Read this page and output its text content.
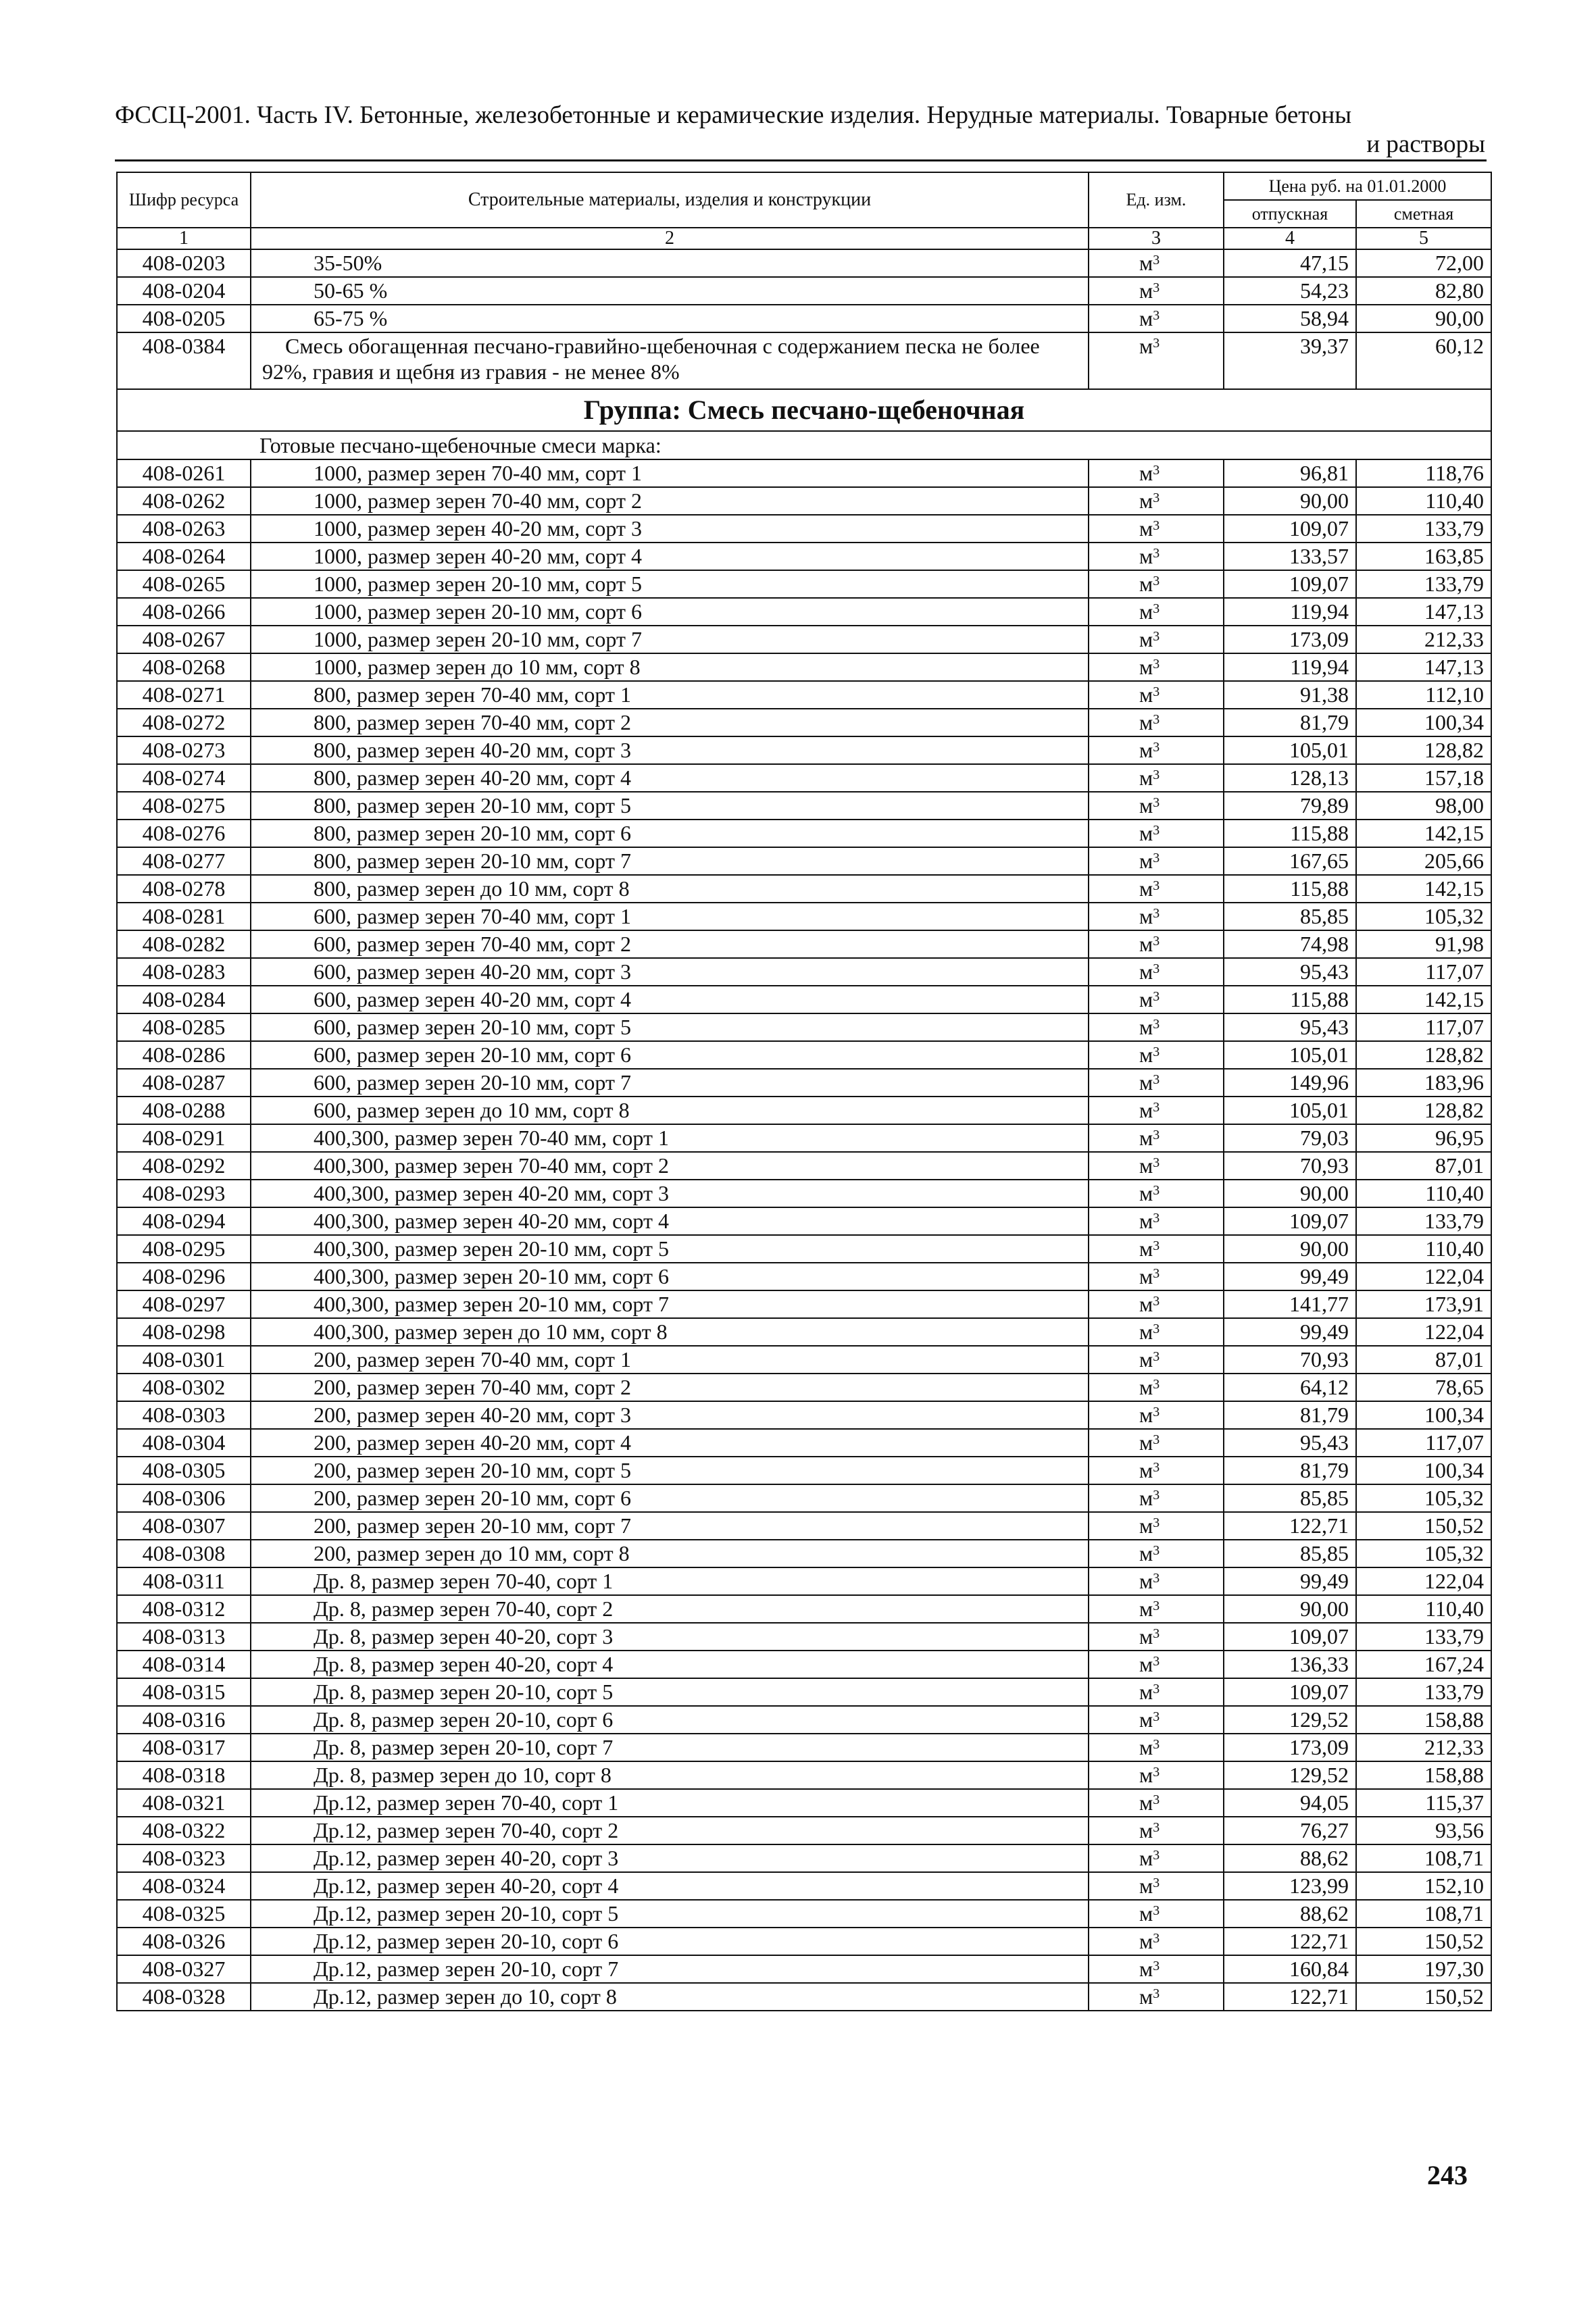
ФССЦ-2001. Часть IV. Бетонные, железобетонные и керамические изделия. Нерудные материалы. Товарные бетоны
и растворы
Шифр ресурса	Строительные материалы, изделия и конструкции	Ед. изм.	Цена руб. на 01.01.2000	
			отпускная	сметная
1	2	3	4	5
408-0203	35-50%	$м^3$	47,15	72,00
408-0204	50-65 %	$м^3$	54,23	82,80
408-0205	65-75 %	$м^3$	58,94	90,00
408-0384	Смесь обогащенная песчано-гравийно-щебеночная с содержанием песка не более 92%, гравия и щебня из гравия - не менее 8%	$м^3$	39,37	60,12
Группа: Смесь песчано-щебеночная				
Готовые песчано-щебеночные смеси марка:				
408-0261	1000, размер зерен 70-40 мм, сорт 1	$м^3$	96,81	118,76
408-0262	1000, размер зерен 70-40 мм, сорт 2	$м^3$	90,00	110,40
408-0263	1000, размер зерен 40-20 мм, сорт 3	$м^3$	109,07	133,79
408-0264	1000, размер зерен 40-20 мм, сорт 4	$м^3$	133,57	163,85
408-0265	1000, размер зерен 20-10 мм, сорт 5	$м^3$	109,07	133,79
408-0266	1000, размер зерен 20-10 мм, сорт 6	$м^3$	119,94	147,13
408-0267	1000, размер зерен 20-10 мм, сорт 7	$м^3$	173,09	212,33
408-0268	1000, размер зерен до 10 мм, сорт 8	$м^3$	119,94	147,13
408-0271	800, размер зерен 70-40 мм, сорт 1	$м^3$	91,38	112,10
408-0272	800, размер зерен 70-40 мм, сорт 2	$м^3$	81,79	100,34
408-0273	800, размер зерен 40-20 мм, сорт 3	$м^3$	105,01	128,82
408-0274	800, размер зерен 40-20 мм, сорт 4	$м^3$	128,13	157,18
408-0275	800, размер зерен 20-10 мм, сорт 5	$м^3$	79,89	98,00
408-0276	800, размер зерен 20-10 мм, сорт 6	$м^3$	115,88	142,15
408-0277	800, размер зерен 20-10 мм, сорт 7	$м^3$	167,65	205,66
408-0278	800, размер зерен до 10 мм, сорт 8	$м^3$	115,88	142,15
408-0281	600, размер зерен 70-40 мм, сорт 1	$м^3$	85,85	105,32
408-0282	600, размер зерен 70-40 мм, сорт 2	$м^3$	74,98	91,98
408-0283	600, размер зерен 40-20 мм, сорт 3	$м^3$	95,43	117,07
408-0284	600, размер зерен 40-20 мм, сорт 4	$м^3$	115,88	142,15
408-0285	600, размер зерен 20-10 мм, сорт 5	$м^3$	95,43	117,07
408-0286	600, размер зерен 20-10 мм, сорт 6	$м^3$	105,01	128,82
408-0287	600, размер зерен 20-10 мм, сорт 7	$м^3$	149,96	183,96
408-0288	600, размер зерен до 10 мм, сорт 8	$м^3$	105,01	128,82
408-0291	400,300, размер зерен 70-40 мм, сорт 1	$м^3$	79,03	96,95
408-0292	400,300, размер зерен 70-40 мм, сорт 2	$м^3$	70,93	87,01
408-0293	400,300, размер зерен 40-20 мм, сорт 3	$м^3$	90,00	110,40
408-0294	400,300, размер зерен 40-20 мм, сорт 4	$м^3$	109,07	133,79
408-0295	400,300, размер зерен 20-10 мм, сорт 5	$м^3$	90,00	110,40
408-0296	400,300, размер зерен 20-10 мм, сорт 6	$м^3$	99,49	122,04
408-0297	400,300, размер зерен 20-10 мм, сорт 7	$м^3$	141,77	173,91
408-0298	400,300, размер зерен до 10 мм, сорт 8	$м^3$	99,49	122,04
408-0301	200, размер зерен 70-40 мм, сорт 1	$м^3$	70,93	87,01
408-0302	200, размер зерен 70-40 мм, сорт 2	$м^3$	64,12	78,65
408-0303	200, размер зерен 40-20 мм, сорт 3	$м^3$	81,79	100,34
408-0304	200, размер зерен 40-20 мм, сорт 4	$м^3$	95,43	117,07
408-0305	200, размер зерен 20-10 мм, сорт 5	$м^3$	81,79	100,34
408-0306	200, размер зерен 20-10 мм, сорт 6	$м^3$	85,85	105,32
408-0307	200, размер зерен 20-10 мм, сорт 7	$м^3$	122,71	150,52
408-0308	200, размер зерен до 10 мм, сорт 8	$м^3$	85,85	105,32
408-0311	Др. 8, размер зерен 70-40, сорт 1	$м^3$	99,49	122,04
408-0312	Др. 8, размер зерен 70-40, сорт 2	$м^3$	90,00	110,40
408-0313	Др. 8, размер зерен 40-20, сорт 3	$м^3$	109,07	133,79
408-0314	Др. 8, размер зерен 40-20, сорт 4	$м^3$	136,33	167,24
408-0315	Др. 8, размер зерен 20-10, сорт 5	$м^3$	109,07	133,79
408-0316	Др. 8, размер зерен 20-10, сорт 6	$м^3$	129,52	158,88
408-0317	Др. 8, размер зерен 20-10, сорт 7	$м^3$	173,09	212,33
408-0318	Др. 8, размер зерен до 10, сорт 8	$м^3$	129,52	158,88
408-0321	Др.12, размер зерен 70-40, сорт 1	$м^3$	94,05	115,37
408-0322	Др.12, размер зерен 70-40, сорт 2	$м^3$	76,27	93,56
408-0323	Др.12, размер зерен 40-20, сорт 3	$м^3$	88,62	108,71
408-0324	Др.12, размер зерен 40-20, сорт 4	$м^3$	123,99	152,10
408-0325	Др.12, размер зерен 20-10, сорт 5	$м^3$	88,62	108,71
408-0326	Др.12, размер зерен 20-10, сорт 6	$м^3$	122,71	150,52
408-0327	Др.12, размер зерен 20-10, сорт 7	$м^3$	160,84	197,30
408-0328	Др.12, размер зерен до 10, сорт 8	$м^3$	122,71	150,52
243
